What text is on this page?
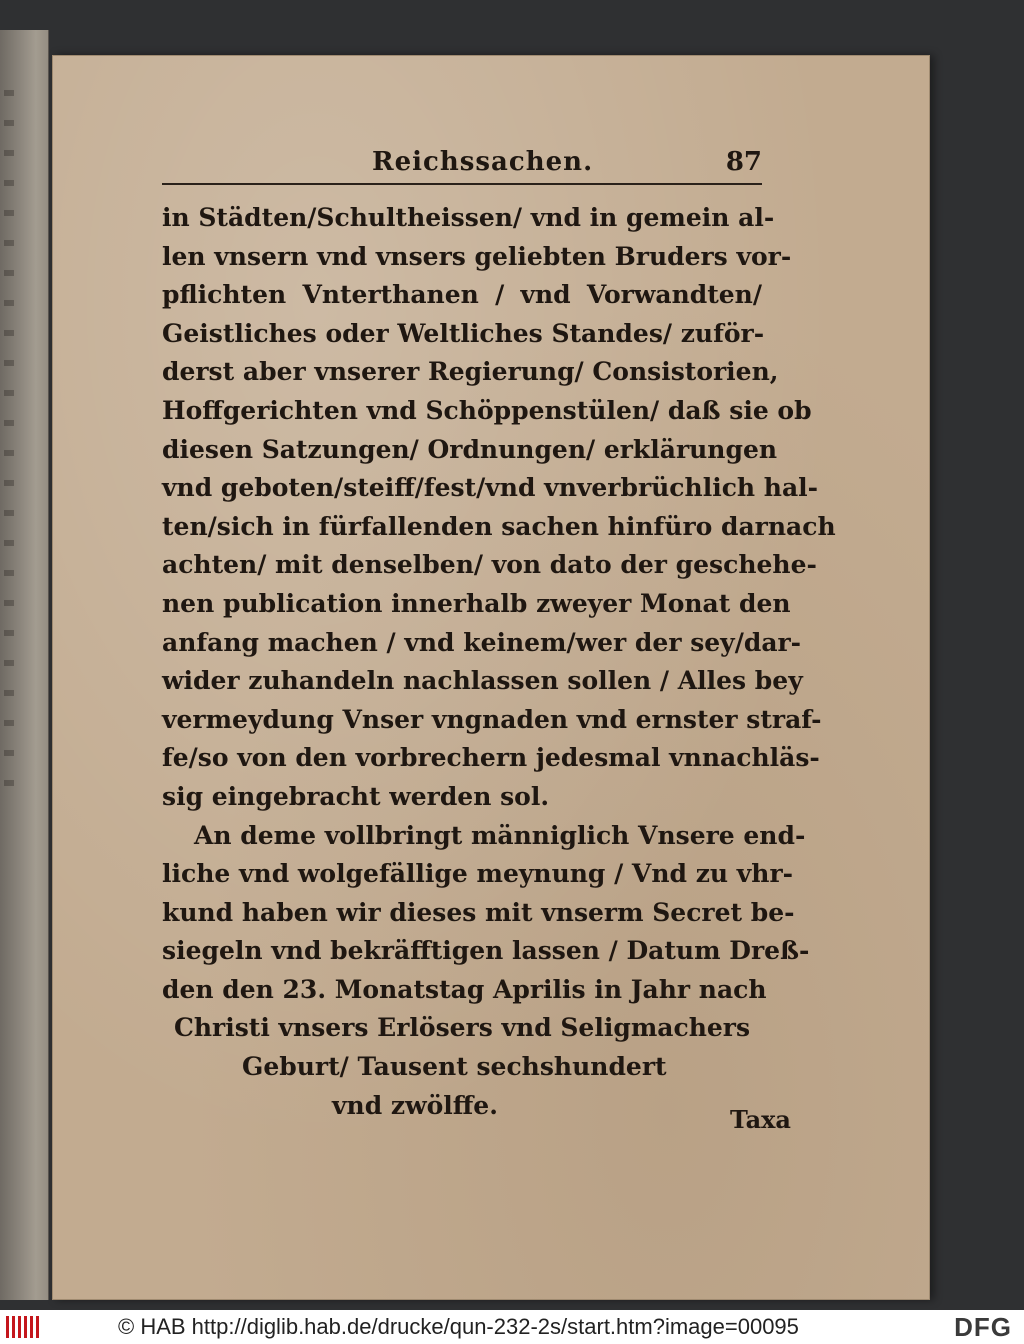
Reichssachen.	87
in Städten/Schultheissen/ vnd in gemein al-
len vnsern vnd vnsers geliebten Bruders vor-
pflichten Vnterthanen / vnd Vorwandten/
Geistliches oder Weltliches Standes/ zuför-
derst aber vnserer Regierung/ Consistorien,
Hoffgerichten vnd Schöppenstülen/ daß sie ob
diesen Satzungen/ Ordnungen/ erklärungen
vnd geboten/steiff/fest/vnd vnverbrüchlich hal-
ten/sich in fürfallenden sachen hinfüro darnach
achten/ mit denselben/ von dato der geschehe-
nen publication innerhalb zweyer Monat den
anfang machen / vnd keinem/wer der sey/dar-
wider zuhandeln nachlassen sollen / Alles bey
vermeydung Vnser vngnaden vnd ernster straf-
fe/so von den vorbrechern jedesmal vnnachläs-
sig eingebracht werden sol.
An deme vollbringt männiglich Vnsere end-
liche vnd wolgefällige meynung / Vnd zu vhr-
kund haben wir dieses mit vnserm Secret be-
siegeln vnd bekräfftigen lassen / Datum Dreß-
den den 23. Monatstag Aprilis in Jahr nach
Christi vnsers Erlösers vnd Seligmachers
Geburt/ Tausent sechshundert
vnd zwölffe.	Taxa
© HAB http://diglib.hab.de/drucke/qun-232-2s/start.htm?image=00095	DFG
